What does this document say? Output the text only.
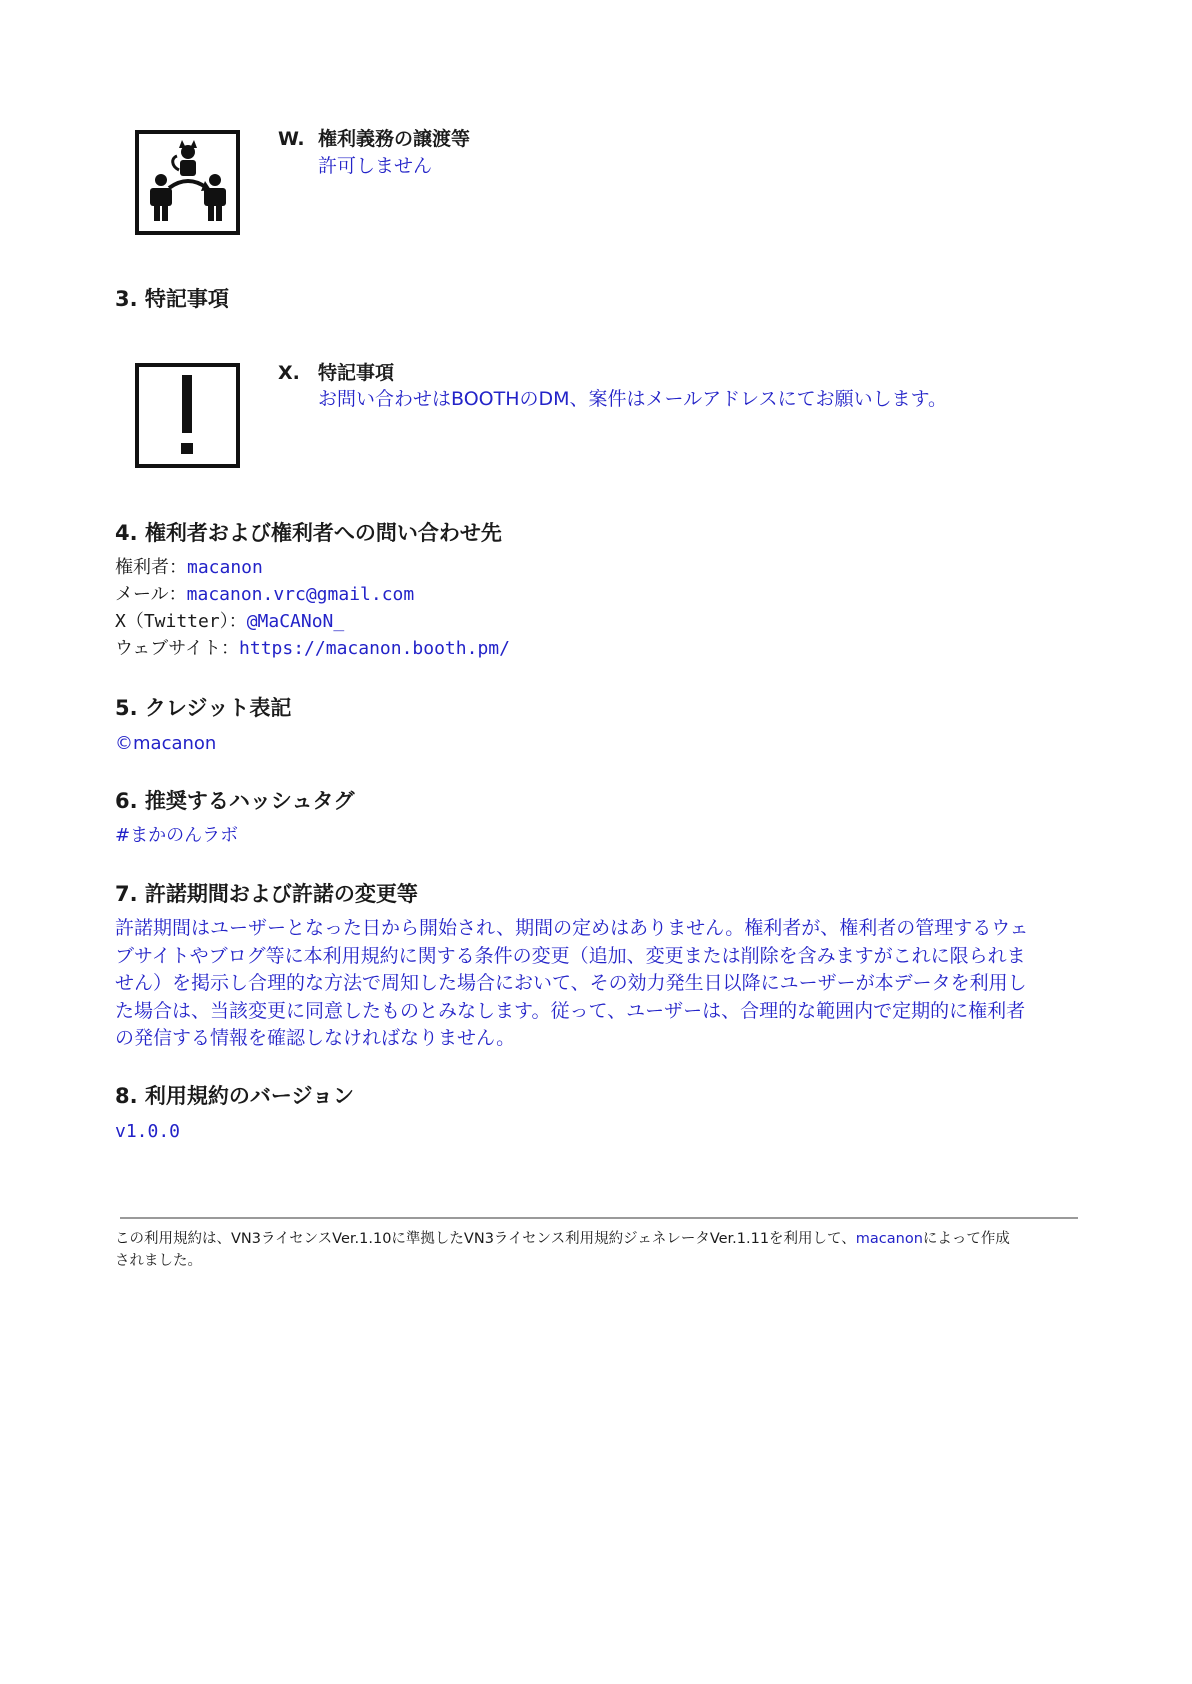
W. 権利義務の譲渡等
許可しません
3. 特記事項
X. 特記事項
お問い合わせはBOOTHのDM、案件はメールアドレスにてお願いします。
4. 権利者および権利者への問い合わせ先
権利者：macanon
メール：macanon.vrc@gmail.com
X（Twitter）：@MaCANoN_
ウェブサイト：https://macanon.booth.pm/
5. クレジット表記
©macanon
6. 推奨するハッシュタグ
#まかのんラボ
7. 許諾期間および許諾の変更等
許諾期間はユーザーとなった日から開始され、期間の定めはありません。権利者が、権利者の管理するウェ
ブサイトやブログ等に本利用規約に関する条件の変更（追加、変更または削除を含みますがこれに限られま
せん）を掲示し合理的な方法で周知した場合において、その効力発生日以降にユーザーが本データを利用し
た場合は、当該変更に同意したものとみなします。従って、ユーザーは、合理的な範囲内で定期的に権利者
の発信する情報を確認しなければなりません。
8. 利用規約のバージョン
v1.0.0
この利用規約は、VN3ライセンスVer.1.10に準拠したVN3ライセンス利用規約ジェネレータVer.1.11を利用して、macanonによって作成
されました。
